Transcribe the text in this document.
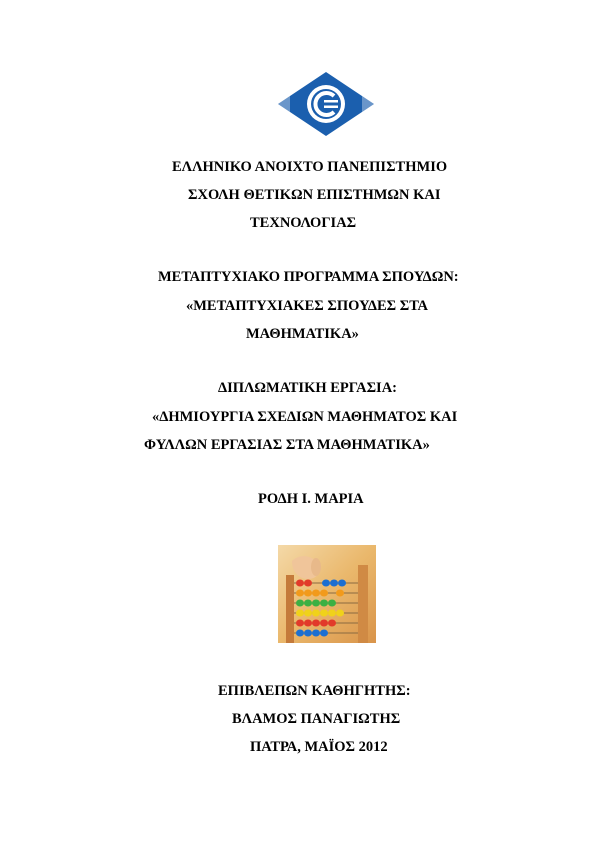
ΕΛΛΗΝΙΚΟ ΑΝΟΙΧΤΟ ΠΑΝΕΠΙΣΤΗΜΙΟ
ΣΧΟΛΗ ΘΕΤΙΚΩΝ ΕΠΙΣΤΗΜΩΝ ΚΑΙ
ΤΕΧΝΟΛΟΓΙΑΣ
ΜΕΤΑΠΤΥΧΙΑΚΟ ΠΡΟΓΡΑΜΜΑ ΣΠΟΥΔΩΝ:
«ΜΕΤΑΠΤΥΧΙΑΚΕΣ ΣΠΟΥΔΕΣ ΣΤΑ
ΜΑΘΗΜΑΤΙΚΑ»
ΔΙΠΛΩΜΑΤΙΚΗ ΕΡΓΑΣΙΑ:
«ΔΗΜΙΟΥΡΓΙΑ ΣΧΕΔΙΩΝ ΜΑΘΗΜΑΤΟΣ ΚΑΙ
ΦΥΛΛΩΝ ΕΡΓΑΣΙΑΣ ΣΤΑ ΜΑΘΗΜΑΤΙΚΑ»
ΡΟΔΗ Ι. ΜΑΡΙΑ
ΕΠΙΒΛΕΠΩΝ ΚΑΘΗΓΗΤΗΣ:
ΒΛΑΜΟΣ ΠΑΝΑΓΙΩΤΗΣ
ΠΑΤΡΑ, ΜΑΪΟΣ 2012
